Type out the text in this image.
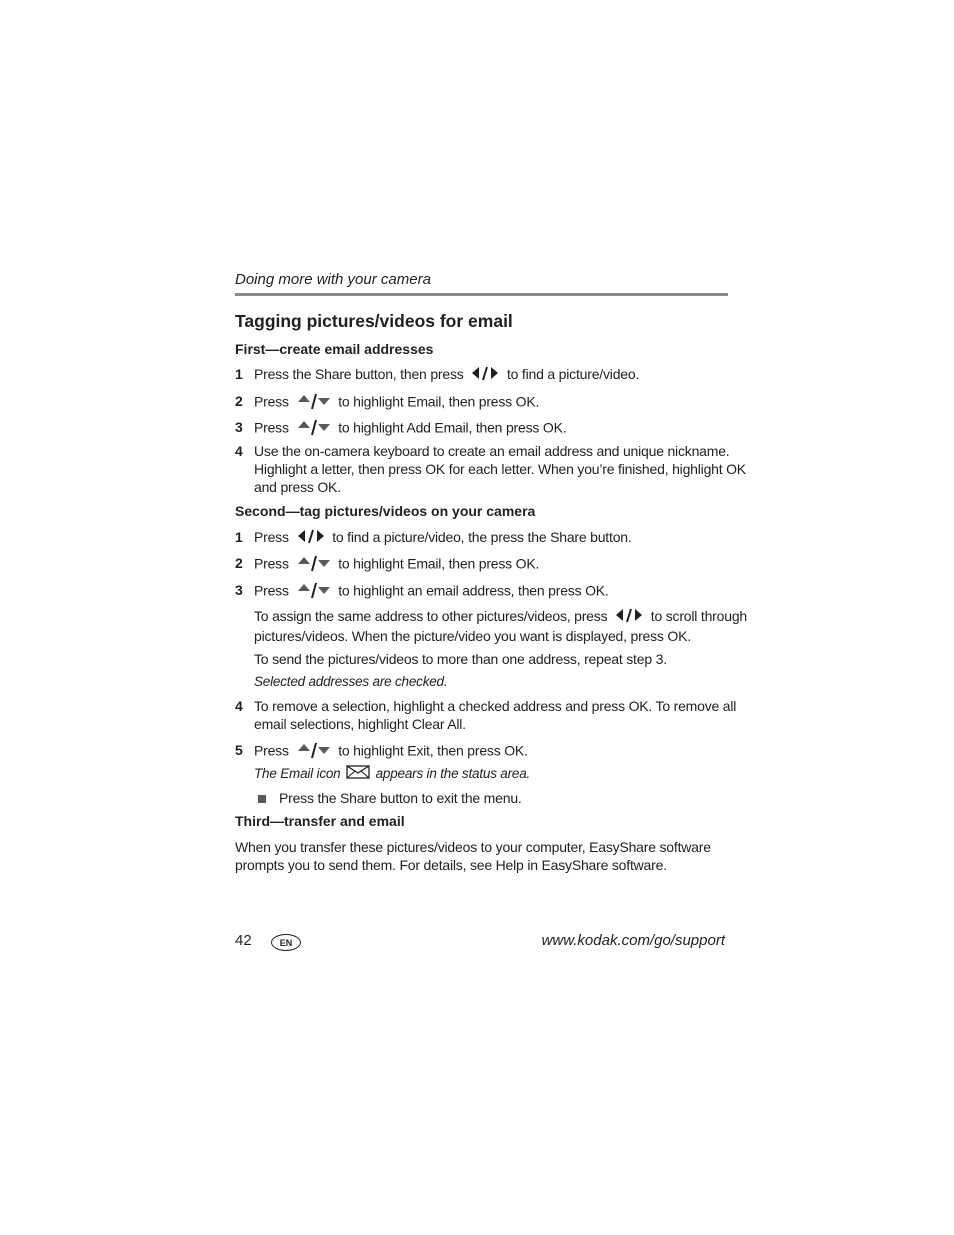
Doing more with your camera
Tagging pictures/videos for email
First—create email addresses
1 Press the Share button, then press	to find a picture/video.
2 Press	to highlight Email, then press OK.
3 Press	to highlight Add Email, then press OK.
4 Use the on-camera keyboard to create an email address and unique nickname.
Highlight a letter, then press OK for each letter. When you’re finished, highlight OK
and press OK.
Second—tag pictures/videos on your camera
1 Press	to find a picture/video, the press the Share button.
2 Press	to highlight Email, then press OK.
3 Press	to highlight an email address, then press OK.
To assign the same address to other pictures/videos, press	to scroll through
pictures/videos. When the picture/video you want is displayed, press OK.
To send the pictures/videos to more than one address, repeat step 3.
Selected addresses are checked.
4 To remove a selection, highlight a checked address and press OK. To remove all
email selections, highlight Clear All.
5 Press	to highlight Exit, then press OK.
The Email icon	appears in the status area.
Press the Share button to exit the menu.
Third—transfer and email
When you transfer these pictures/videos to your computer, EasyShare software
prompts you to send them. For details, see Help in EasyShare software.
42	EN	www.kodak.com/go/support
